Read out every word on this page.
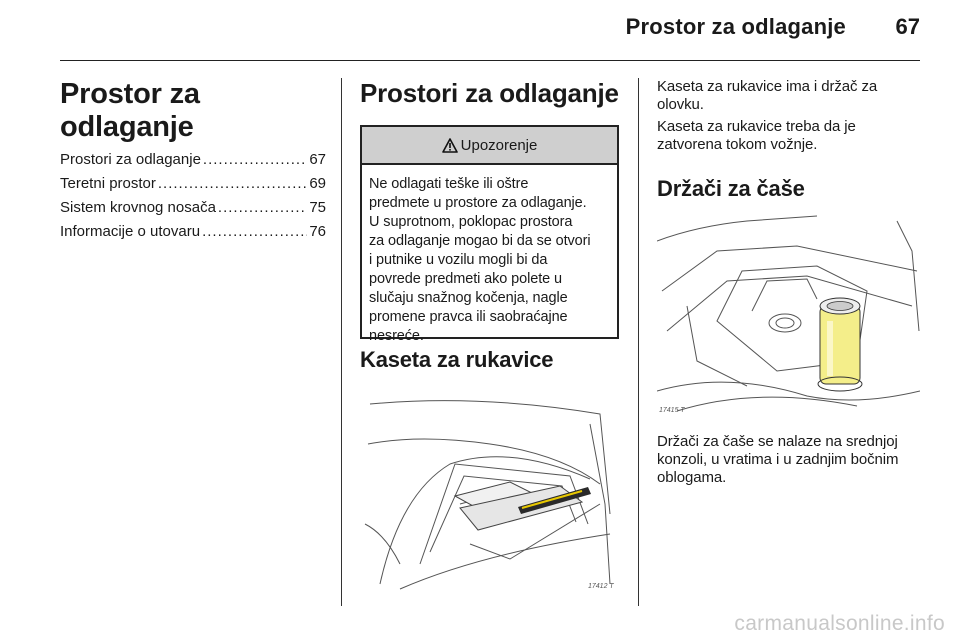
Prostor za odlaganje	67
Prostor za odlaganje
Prostori za odlaganje .....	67
Teretni prostor .....	69
Sistem krovnog nosača .....	75
Informacije o utovaru .....	76
Prostori za odlaganje
Upozorenje
Ne odlagati teške ili oštre
predmete u prostore za odlaganje.
U suprotnom, poklopac prostora
za odlaganje mogao bi da se otvori
i putnike u vozilu mogli bi da
povrede predmeti ako polete u
slučaju snažnog kočenja, nagle
promene pravca ili saobraćajne
nesreće.
Kaseta za rukavice
17412 T
Kaseta za rukavice ima i držač za
olovku.
Kaseta za rukavice treba da je
zatvorena tokom vožnje.
Držači za čaše
17415 T
Držači za čaše se nalaze na srednjoj
konzoli, u vratima i u zadnjim bočnim
oblogama.
carmanualsonline.info
